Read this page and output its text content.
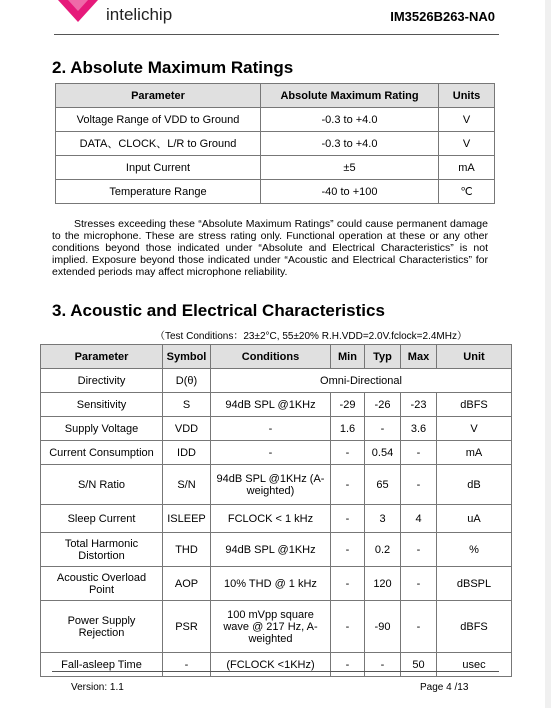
intelichip	IM3526B263-NA0
2. Absolute Maximum Ratings
Parameter	Absolute Maximum Rating	Units
Voltage Range of VDD to Ground	-0.3 to +4.0	V
DATA、CLOCK、L/R to Ground	-0.3 to +4.0	V
Input Current	±5	mA
Temperature Range	-40 to +100	℃
Stresses exceeding these “Absolute Maximum Ratings” could cause permanent damage to the microphone. These are stress rating only. Functional operation at these or any other conditions beyond those indicated under “Absolute and Electrical Characteristics” is not implied. Exposure beyond those indicated under “Acoustic and Electrical Characteristics” for extended periods may affect microphone reliability.
3. Acoustic and Electrical Characteristics
（Test Conditions：23±2°C, 55±20% R.H.VDD=2.0V.fclock=2.4MHz）
Parameter	Symbol	Conditions	Min	Typ	Max	Unit
Directivity	D(θ)	Omni-Directional				
Sensitivity	S	94dB SPL @1KHz	-29	-26	-23	dBFS
Supply Voltage	VDD	-	1.6	-	3.6	V
Current Consumption	IDD	-	-	0.54	-	mA
S/N Ratio	S/N	94dB SPL @1KHz (A-weighted)	-	65	-	dB
Sleep Current	ISLEEP	FCLOCK < 1 kHz	-	3	4	uA
Total Harmonic Distortion	THD	94dB SPL @1KHz	-	0.2	-	%
Acoustic Overload Point	AOP	10% THD @ 1 kHz	-	120	-	dBSPL
Power Supply Rejection	PSR	100 mVpp square wave @ 217 Hz, A-weighted	-	-90	-	dBFS
Fall-asleep Time	-	(FCLOCK <1KHz)	-	-	50	usec
Version: 1.1	Page 4 /13
